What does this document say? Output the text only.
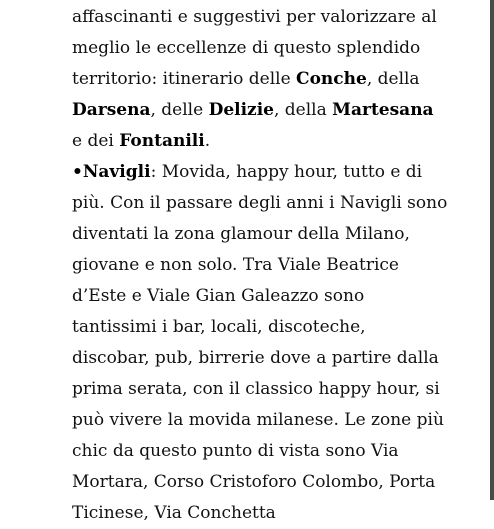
affascinanti e suggestivi per valorizzare al
meglio le eccellenze di questo splendido
territorio: itinerario delle Conche, della
Darsena, delle Delizie, della Martesana
e dei Fontanili.
•Navigli: Movida, happy hour, tutto e di
più. Con il passare degli anni i Navigli sono
diventati la zona glamour della Milano,
giovane e non solo. Tra Viale Beatrice
d’Este e Viale Gian Galeazzo sono
tantissimi i bar, locali, discoteche,
discobar, pub, birrerie dove a partire dalla
prima serata, con il classico happy hour, si
può vivere la movida milanese. Le zone più
chic da questo punto di vista sono Via
Mortara, Corso Cristoforo Colombo, Porta
Ticinese, Via Conchetta
